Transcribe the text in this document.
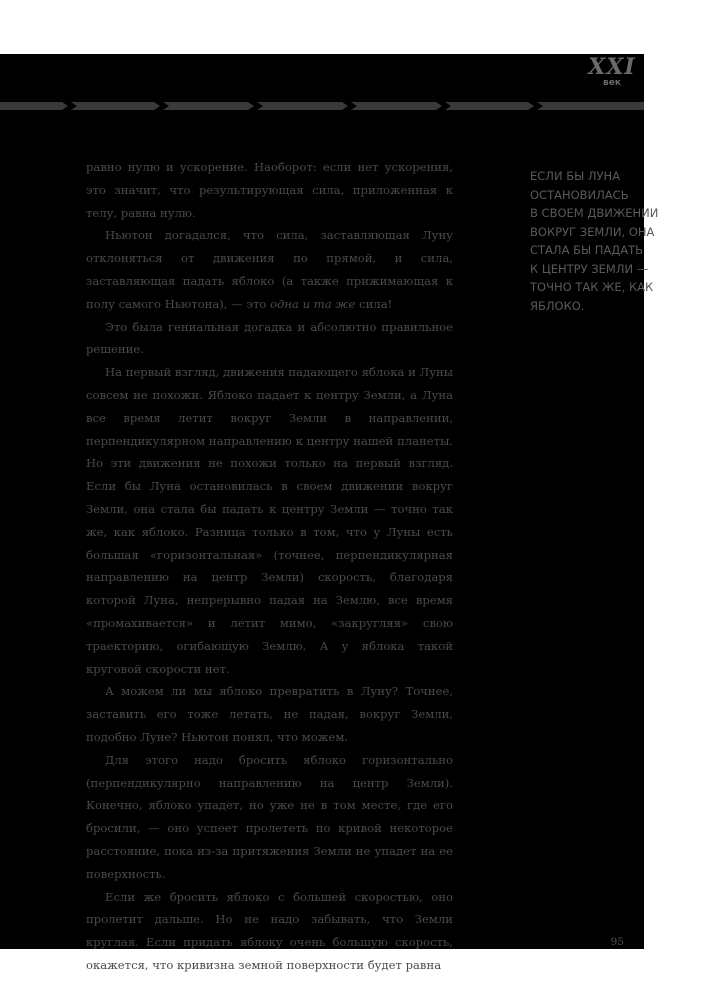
XXI
век

равно нулю и ускорение. Наоборот: если нет ускорения, это значит, что результирующая сила, приложенная к телу, равна нулю.

Ньютон догадался, что сила, заставляющая Луну отклоняться от движения по прямой, и сила, заставляющая падать яблоко (а также прижимающая к полу самого Ньютона), — это одна и та же сила!

Это была гениальная догадка и абсолютно правильное решение.

На первый взгляд, движения падающего яблока и Луны совсем не похожи. Яблоко падает к центру Земли, а Луна все время летит вокруг Земли в направлении, перпендикулярном направлению к центру нашей планеты. Но эти движения не похожи только на первый взгляд. Если бы Луна остановилась в своем движении вокруг Земли, она стала бы падать к центру Земли — точно так же, как яблоко. Разница только в том, что у Луны есть большая «горизонтальная» (точнее, перпендикулярная направлению на центр Земли) скорость, благодаря которой Луна, непрерывно падая на Землю, все время «промахивается» и летит мимо, «закругляя» свою траекторию, огибающую Землю. А у яблока такой круговой скорости нет.

А можем ли мы яблоко превратить в Луну? Точнее, заставить его тоже летать, не падая, вокруг Земли, подобно Луне? Ньютон понял, что можем.

Для этого надо бросить яблоко горизонтально (перпендикулярно направлению на центр Земли). Конечно, яблоко упадет, но уже не в том месте, где его бросили, — оно успеет пролететь по кривой некоторое расстояние, пока из-за притяжения Земли не упадет на ее поверхность.

Если же бросить яблоко с большей скоростью, оно пролетит дальше. Но не надо забывать, что Земли круглая. Если придать яблоку очень большую скорость, окажется, что кривизна земной поверхности будет равна

ЕСЛИ БЫ ЛУНА
ОСТАНОВИЛАСЬ
В СВОЕМ ДВИЖЕНИИ
ВОКРУГ ЗЕМЛИ, ОНА
СТАЛА БЫ ПАДАТЬ
К ЦЕНТРУ ЗЕМЛИ —
ТОЧНО ТАК ЖЕ, КАК
ЯБЛОКО.
95
